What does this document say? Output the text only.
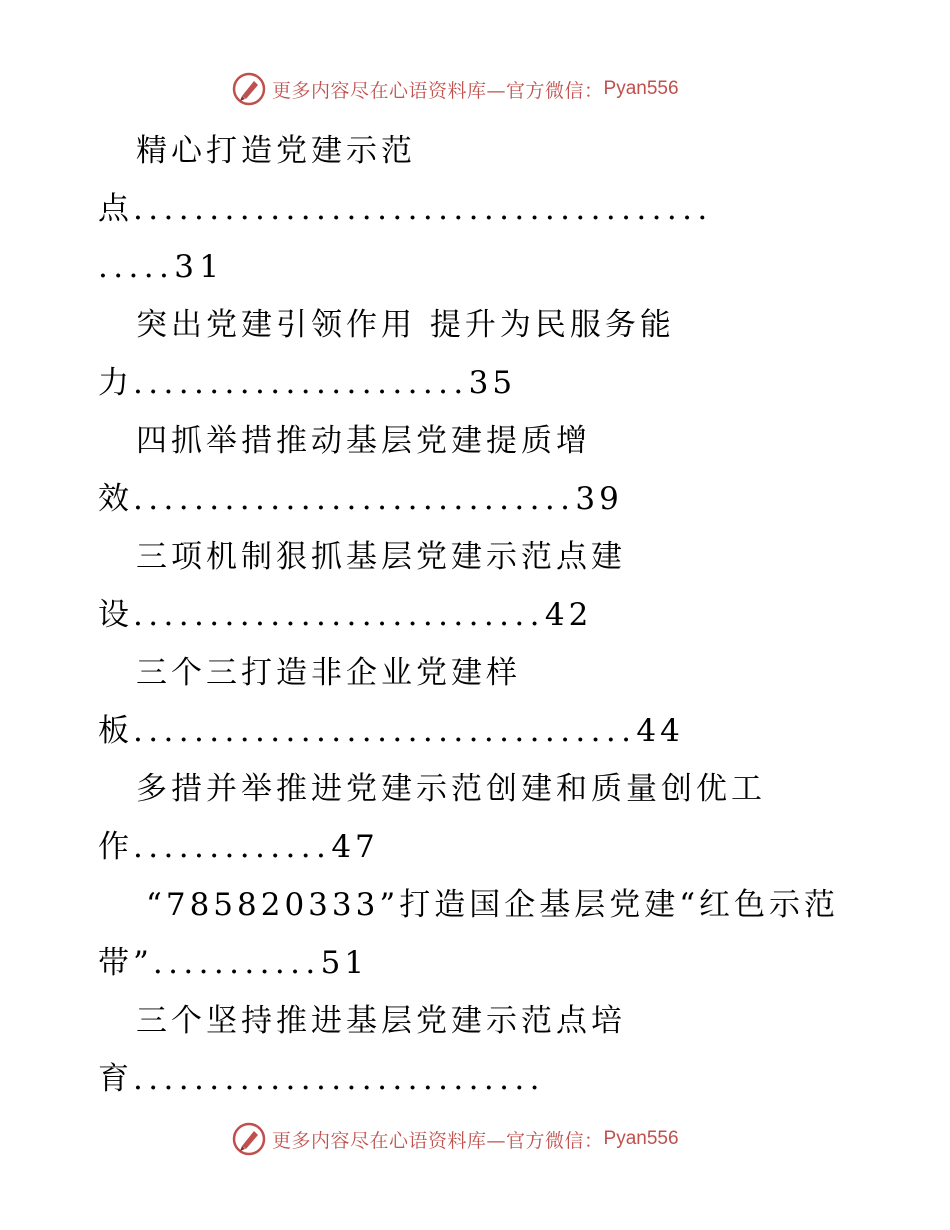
更多内容尽在心语资料库—官方微信： Pyan556
精心打造党建示范
点......................................
.....31
突出党建引领作用 提升为民服务能
力......................35
四抓举措推动基层党建提质增
效.............................39
三项机制狠抓基层党建示范点建
设...........................42
三个三打造非企业党建样
板.................................44
多措并举推进党建示范创建和质量创优工
作.............47
“785820333”打造国企基层党建“红色示范
带”...........51
三个坚持推进基层党建示范点培
育...........................
更多内容尽在心语资料库—官方微信： Pyan556
